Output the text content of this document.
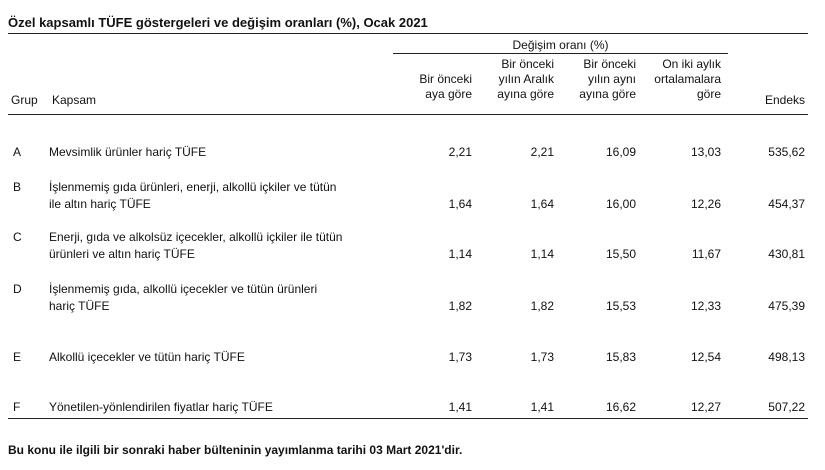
Özel kapsamlı TÜFE göstergeleri ve değişim oranları (%), Ocak 2021
Değişim oranı (%)
Bir önceki
aya göre
Bir önceki
yılın Aralık
ayına göre
Bir önceki
yılın aynı
ayına göre
On iki aylık
ortalamalara
göre	Endeks
Grup Kapsam
A Mevsimlik ürünler hariç TÜFE	2,21	2,21	16,09	13,03	535,62
B İşlenmemiş gıda ürünleri, enerji, alkollü içkiler ve tütün
ile altın hariç TÜFE	1,64	1,64	16,00	12,26	454,37
C Enerji, gıda ve alkolsüz içecekler, alkollü içkiler ile tütün
ürünleri ve altın hariç TÜFE	1,14	1,14	15,50	11,67	430,81
D İşlenmemiş gıda, alkollü içecekler ve tütün ürünleri
hariç TÜFE	1,82	1,82	15,53	12,33	475,39
E Alkollü içecekler ve tütün hariç TÜFE	1,73	1,73	15,83	12,54	498,13
F Yönetilen-yönlendirilen fiyatlar hariç TÜFE	1,41	1,41	16,62	12,27	507,22
Bu konu ile ilgili bir sonraki haber bülteninin yayımlanma tarihi 03 Mart 2021'dir.
